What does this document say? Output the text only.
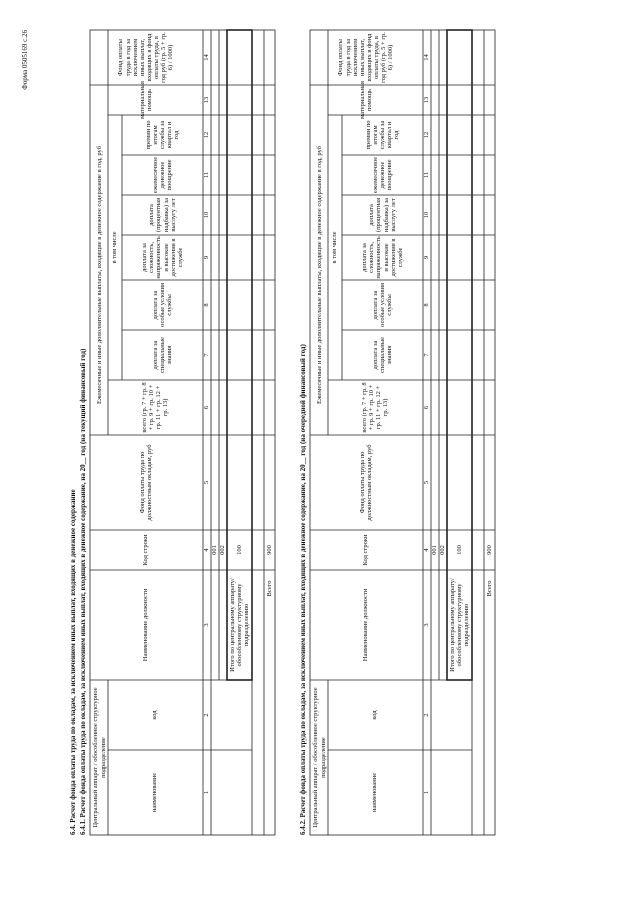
Форма 0505169 с.26
6.4. Расчет фонда оплаты труда по окладам, за исключением иных выплат, входящих в денежное содержание 6.4.1. Расчет фонда оплаты труда по окладам, за исключением иных выплат, входящих в денежное содержание, на 20__ год (на текущий финансовый год) Центральный аппарат / обособленное структурное подразделение
наименование
код
Наименование должности
Код строки
Фонд оплаты труда по должностным окладам, руб
Ежемесячные и иные дополнительные выплаты, входящие в денежное содержание в год, руб
всего (гр. 7 + гр. 8 + гр. 9 + гр. 10 + гр. 11 + гр. 12 + гр. 13)
в том числе
доплата за специальные знания
доплата за особые условия службы
доплата за сложность, напряженность и высокие достижения в службе
доплата (процентная надбавка) за выслугу лет
ежемесячное денежное поощрение
премии по итогам службы за квартал и год
материальная помощь
Фонд оплаты труда в год за исключением иных выплат, входящих в фонд оплаты труда, в год руб (гр. 5 + гр. 6) / 1000)
1
2
3
4
5
6
7
8
9
10
11
12
13
14
001 002
Итого по центральному аппарату/ обособленному структурному подразделению
100
Всего
900	6.4.2. Расчет фонда оплаты труда по окладам, за исключением иных выплат, входящих в денежное содержание, на 20__ год (на очередной финансовый год) Центральный аппарат / обособленное структурное подразделение
наименование
код
Наименование должности
Код строки
Фонд оплаты труда по должностным окладам, руб
Ежемесячные и иные дополнительные выплаты, входящие в денежное содержание в год, руб
всего (гр. 7 + гр. 8 + гр. 9 + гр. 10 + гр. 11 + гр. 12 + гр. 13)
в том числе
доплата за специальные знания
доплата за особые условия службы
доплата за сложность, напряженность и высокие достижения в службе
доплата (процентная надбавка) за выслугу лет
ежемесячное денежное поощрение
премии по итогам службы за квартал и год
материальная помощь
Фонд оплаты труда в год за исключением иных выплат, входящих в фонд оплаты труда, в год руб (гр. 5 + гр. 6) / 1000)
1
2
3
4
5
6
7
8
9
10
11
12
13
14
001 002
Итого по центральному аппарату/ обособленному структурному подразделению
100
Всего
900
